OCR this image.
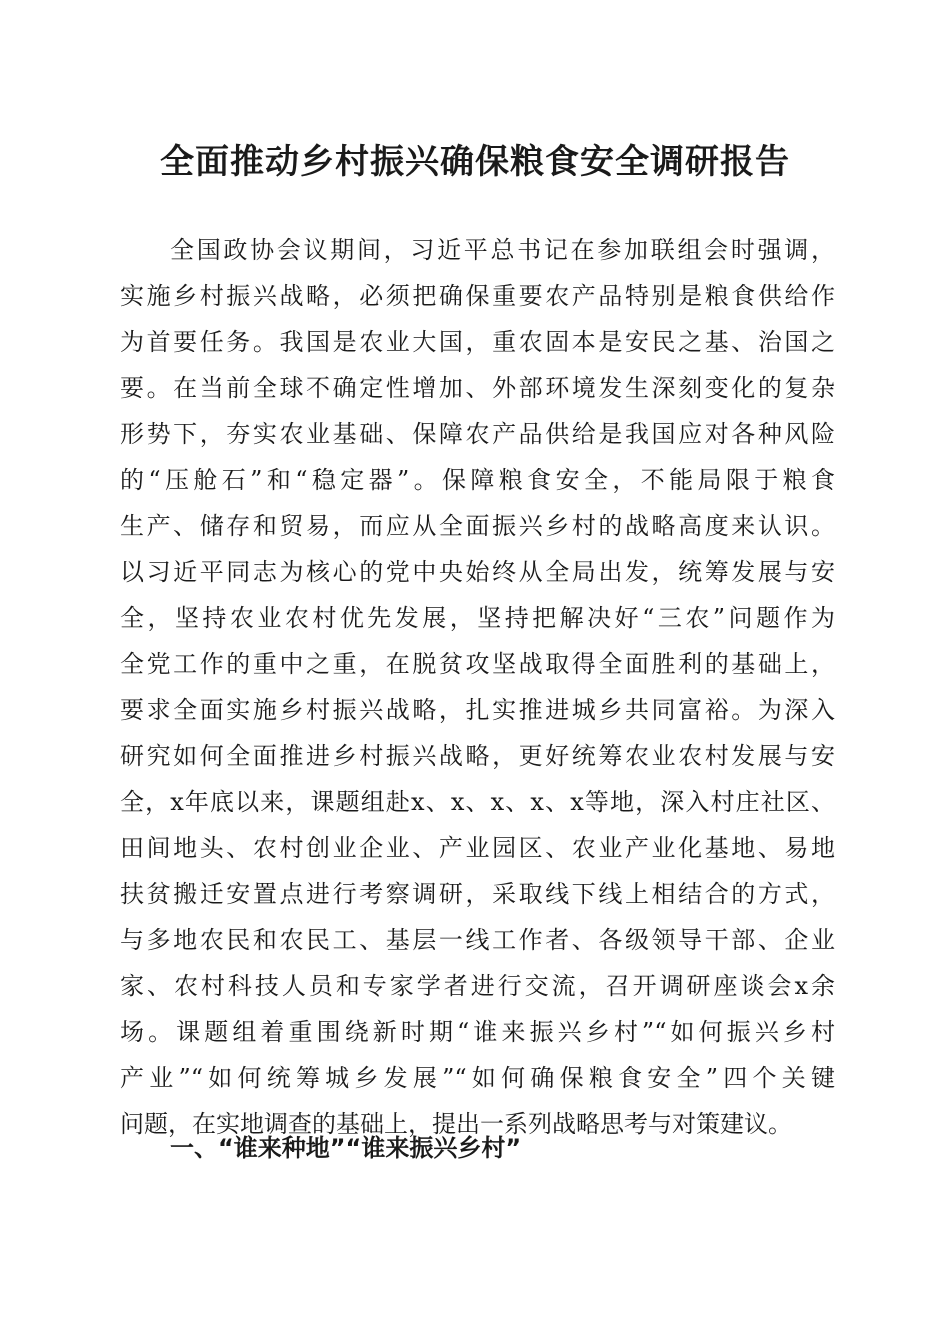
全面推动乡村振兴确保粮食安全调研报告
全国政协会议期间，习近平总书记在参加联组会时强调，
实施乡村振兴战略，必须把确保重要农产品特别是粮食供给作
为首要任务。我国是农业大国，重农固本是安民之基、治国之
要。在当前全球不确定性增加、外部环境发生深刻变化的复杂
形势下，夯实农业基础、保障农产品供给是我国应对各种风险
的“压舱石”和“稳定器”。保障粮食安全，不能局限于粮食
生产、储存和贸易，而应从全面振兴乡村的战略高度来认识。
以习近平同志为核心的党中央始终从全局出发，统筹发展与安
全，坚持农业农村优先发展，坚持把解决好“三农”问题作为
全党工作的重中之重，在脱贫攻坚战取得全面胜利的基础上，
要求全面实施乡村振兴战略，扎实推进城乡共同富裕。为深入
研究如何全面推进乡村振兴战略，更好统筹农业农村发展与安
全，x年底以来，课题组赴x、x、x、x、x等地，深入村庄社区、
田间地头、农村创业企业、产业园区、农业产业化基地、易地
扶贫搬迁安置点进行考察调研，采取线下线上相结合的方式，
与多地农民和农民工、基层一线工作者、各级领导干部、企业
家、农村科技人员和专家学者进行交流，召开调研座谈会x余
场。课题组着重围绕新时期“谁来振兴乡村”“如何振兴乡村
产业”“如何统筹城乡发展”“如何确保粮食安全”四个关键
问题，在实地调查的基础上，提出一系列战略思考与对策建议。
一、“谁来种地”“谁来振兴乡村”
